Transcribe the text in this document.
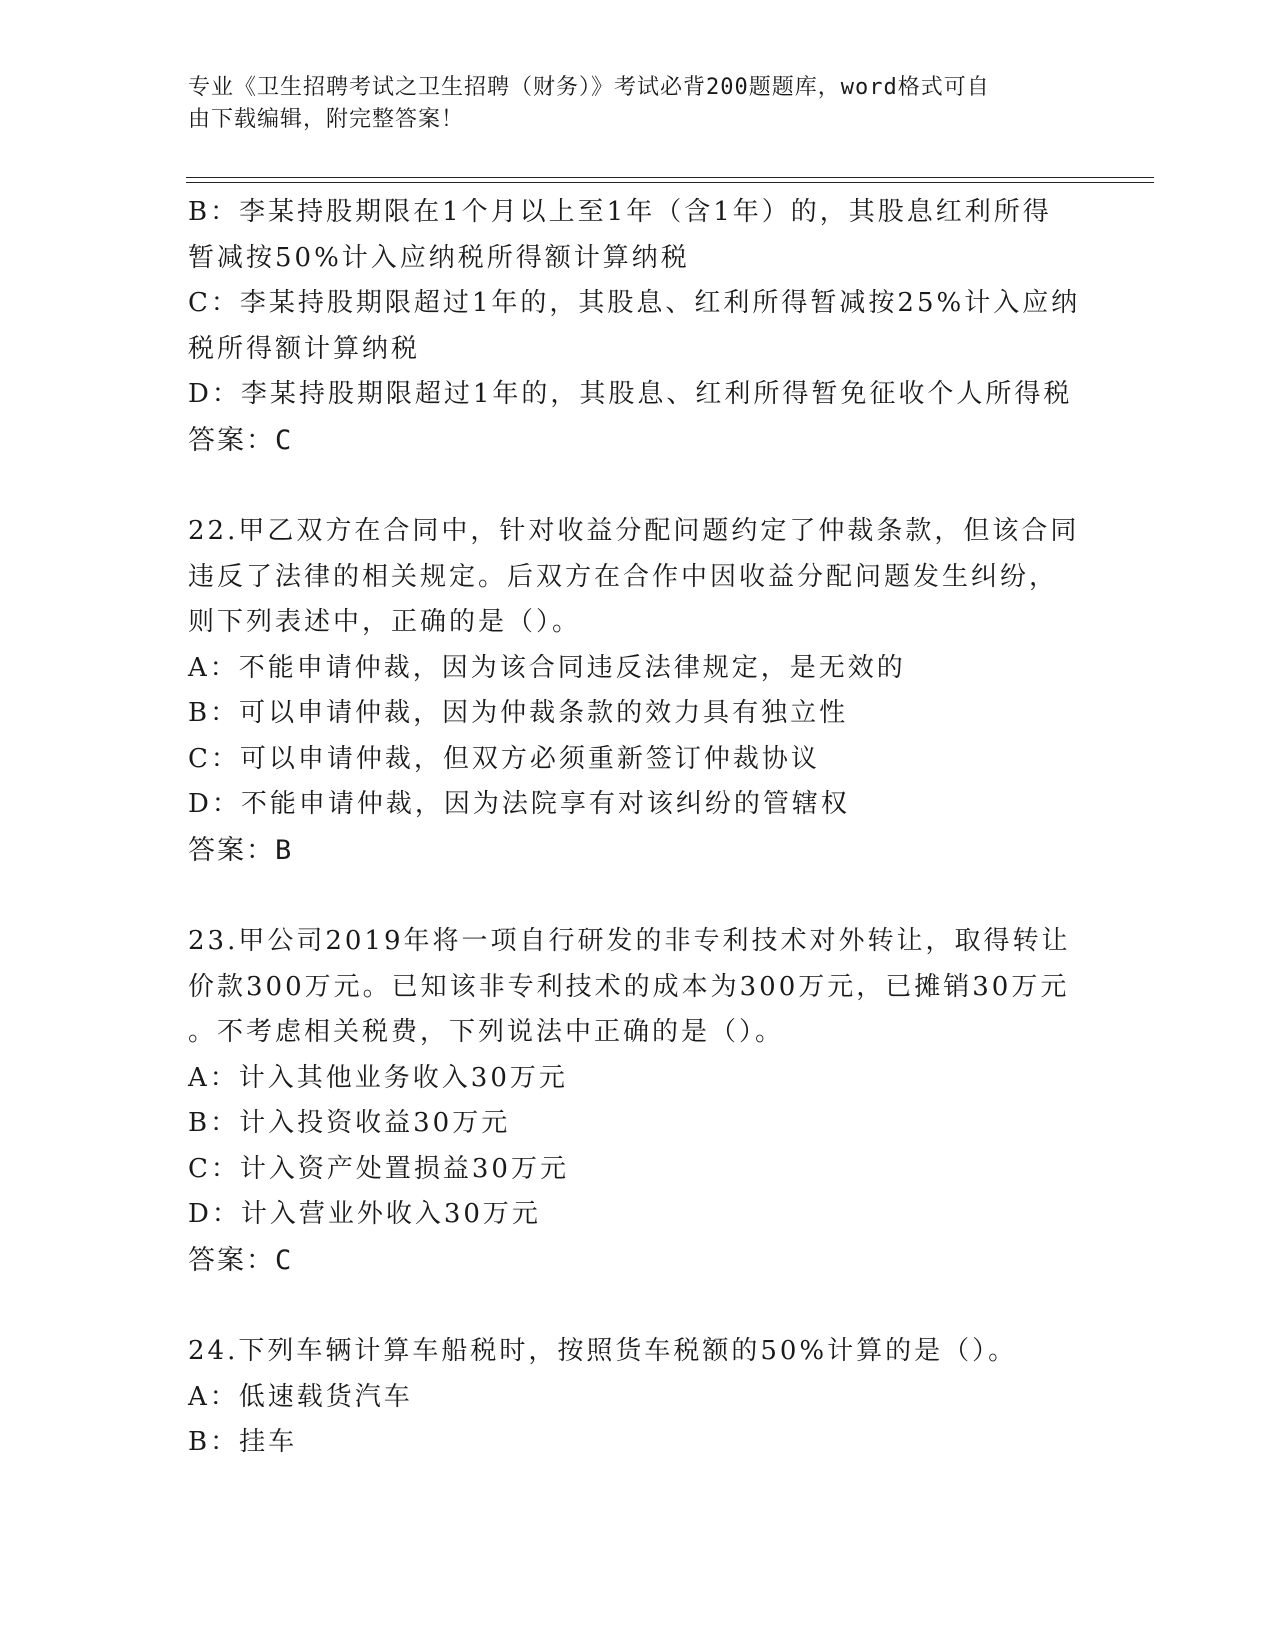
专业《卫生招聘考试之卫生招聘（财务）》考试必背200题题库，word格式可自
由下载编辑，附完整答案！
B：李某持股期限在1个月以上至1年（含1年）的，其股息红利所得
暂减按50%计入应纳税所得额计算纳税
C：李某持股期限超过1年的，其股息、红利所得暂减按25%计入应纳
税所得额计算纳税
D：李某持股期限超过1年的，其股息、红利所得暂免征收个人所得税
答案：C
22.甲乙双方在合同中，针对收益分配问题约定了仲裁条款，但该合同
违反了法律的相关规定。后双方在合作中因收益分配问题发生纠纷，
则下列表述中，正确的是（）。
A：不能申请仲裁，因为该合同违反法律规定，是无效的
B：可以申请仲裁，因为仲裁条款的效力具有独立性
C：可以申请仲裁，但双方必须重新签订仲裁协议
D：不能申请仲裁，因为法院享有对该纠纷的管辖权
答案：B
23.甲公司2019年将一项自行研发的非专利技术对外转让，取得转让
价款300万元。已知该非专利技术的成本为300万元，已摊销30万元
。不考虑相关税费，下列说法中正确的是（）。
A：计入其他业务收入30万元
B：计入投资收益30万元
C：计入资产处置损益30万元
D：计入营业外收入30万元
答案：C
24.下列车辆计算车船税时，按照货车税额的50%计算的是（）。
A：低速载货汽车
B：挂车
